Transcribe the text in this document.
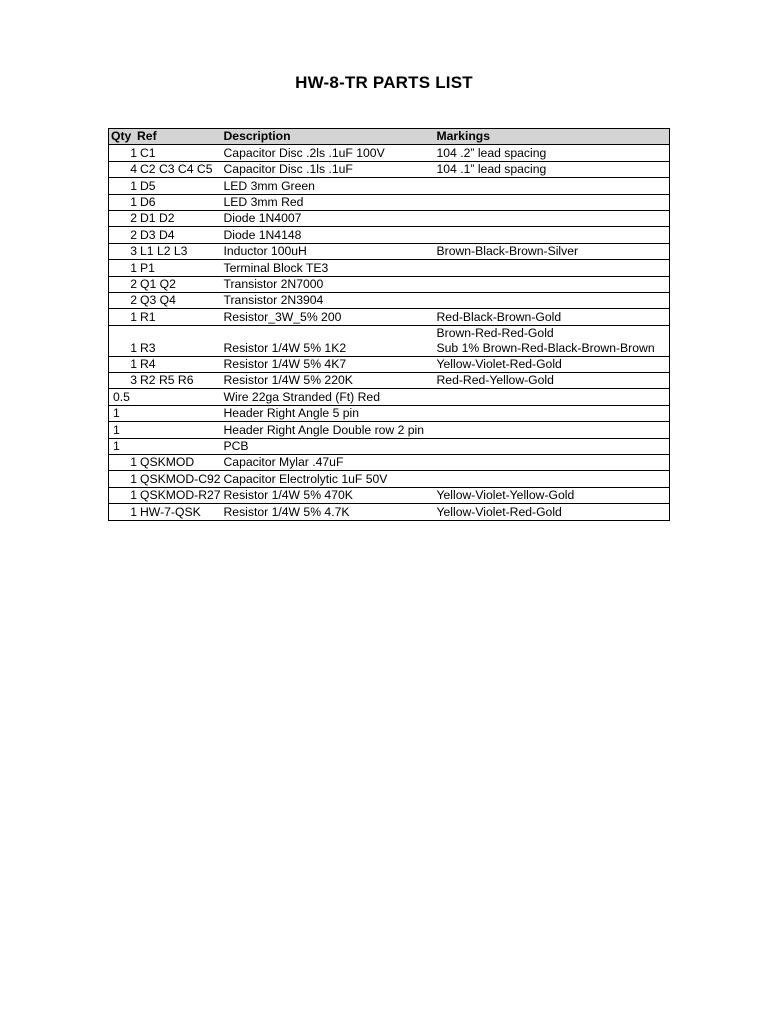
HW-8-TR PARTS LIST
Qty Ref	Description	Markings
1 C1	Capacitor Disc .2ls .1uF 100V	104 .2” lead spacing
4 C2 C3 C4 C5	Capacitor Disc .1ls .1uF	104 .1” lead spacing
1 D5	LED 3mm Green	
1 D6	LED 3mm Red	
2 D1 D2	Diode 1N4007	
2 D3 D4	Diode 1N4148	
3 L1 L2 L3	Inductor 100uH	Brown-Black-Brown-Silver
1 P1	Terminal Block TE3	
2 Q1 Q2	Transistor 2N7000	
2 Q3 Q4	Transistor 2N3904	
1 R1	Resistor_3W_5% 200	Red-Black-Brown-Gold
1 R3	Resistor 1/4W 5% 1K2	Brown-Red-Red-Gold
Sub 1% Brown-Red-Black-Brown-Brown

1 R4	Resistor 1/4W 5% 4K7	Yellow-Violet-Red-Gold
3 R2 R5 R6	Resistor 1/4W 5% 220K	Red-Red-Yellow-Gold
0.5	Wire 22ga Stranded (Ft) Red	
1	Header Right Angle 5 pin	
1	Header Right Angle Double row 2 pin	
1	PCB	
1 QSKMOD	Capacitor Mylar .47uF	
1 QSKMOD-C92	Capacitor Electrolytic 1uF 50V	
1 QSKMOD-R27	Resistor 1/4W 5% 470K	Yellow-Violet-Yellow-Gold
1 HW-7-QSK	Resistor 1/4W 5% 4.7K	Yellow-Violet-Red-Gold
